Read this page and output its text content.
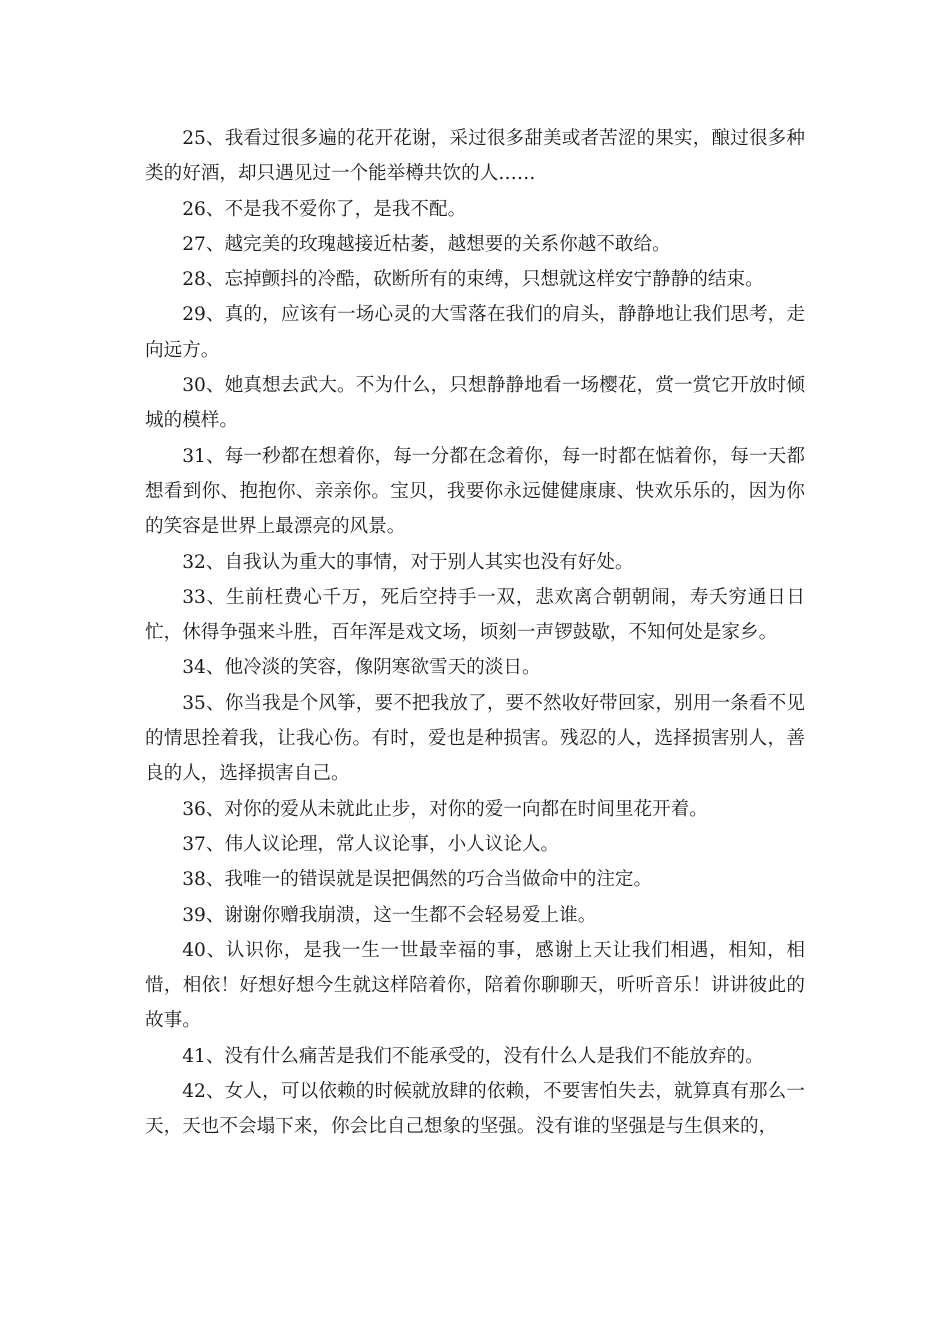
25、我看过很多遍的花开花谢，采过很多甜美或者苦涩的果实，酿过很多种类的好酒，却只遇见过一个能举樽共饮的人……

26、不是我不爱你了，是我不配。

27、越完美的玫瑰越接近枯萎，越想要的关系你越不敢给。

28、忘掉颤抖的冷酷，砍断所有的束缚，只想就这样安宁静静的结束。

29、真的，应该有一场心灵的大雪落在我们的肩头，静静地让我们思考，走向远方。

30、她真想去武大。不为什么，只想静静地看一场樱花，赏一赏它开放时倾城的模样。

31、每一秒都在想着你，每一分都在念着你，每一时都在惦着你，每一天都想看到你、抱抱你、亲亲你。宝贝，我要你永远健健康康、快欢乐乐的，因为你的笑容是世界上最漂亮的风景。

32、自我认为重大的事情，对于别人其实也没有好处。

33、生前枉费心千万，死后空持手一双，悲欢离合朝朝闹，寿夭穷通日日忙，休得争强来斗胜，百年浑是戏文场，顷刻一声锣鼓歇，不知何处是家乡。

34、他冷淡的笑容，像阴寒欲雪天的淡日。

35、你当我是个风筝，要不把我放了，要不然收好带回家，别用一条看不见的情思拴着我，让我心伤。有时，爱也是种损害。残忍的人，选择损害别人，善良的人，选择损害自己。

36、对你的爱从未就此止步，对你的爱一向都在时间里花开着。

37、伟人议论理，常人议论事，小人议论人。

38、我唯一的错误就是误把偶然的巧合当做命中的注定。

39、谢谢你赠我崩溃，这一生都不会轻易爱上谁。

40、认识你，是我一生一世最幸福的事，感谢上天让我们相遇，相知，相惜，相依！好想好想今生就这样陪着你，陪着你聊聊天，听听音乐！讲讲彼此的故事。

41、没有什么痛苦是我们不能承受的，没有什么人是我们不能放弃的。

42、女人，可以依赖的时候就放肆的依赖，不要害怕失去，就算真有那么一天，天也不会塌下来，你会比自己想象的坚强。没有谁的坚强是与生俱来的，
